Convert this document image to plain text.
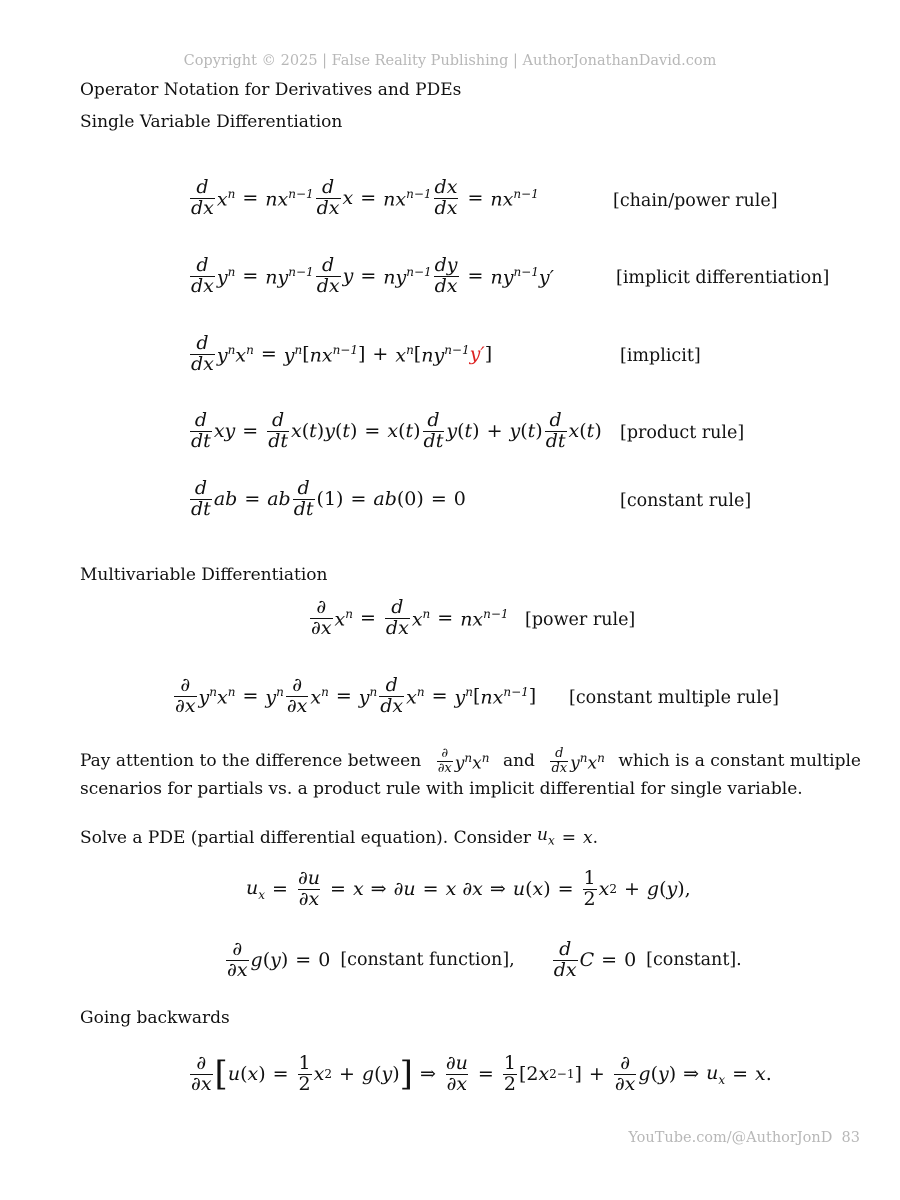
Copyright © 2025 | False Reality Publishing | AuthorJonathanDavid.com
Operator Notation for Derivatives and PDEs
Single Variable Differentiation
$\frac{d}{dx} x^n = nx^{n-1} \frac{d}{dx}$ $x = nx^{n-1} \frac{dx}{dx} = nx^{n-1}$	[chain/power rule]
$\frac{d}{dx} y^n = ny^{n-1} \frac{d}{dx}$ $y = ny^{n-1} \frac{dy}{dx} = ny^{n-1}y'$	[implicit differentiation]
$\frac{d}{dx} y^nx^n = y^n$ [ $nx^{n-1}$ ] + $x^n$ [ $ny^{n-1}$ y′ ]	[implicit]
$\frac{d}{dt}$ xy = $\frac{d}{dt}$ x ( t ) y ( t ) = x ( t ) $\frac{d}{dt}$ y ( t ) + y ( t ) $\frac{d}{dt}$ x ( t ) [product rule]
$\frac{d}{dt}$ ab = ab $\frac{d}{dt} (1)$ = ab (0) = 0	[constant rule]
Multivariable Differentiation
$\frac{\partial}{\partial x} x^n = \frac{d}{dx} x^n = nx^{n-1}$ [power rule]
$\frac{\partial}{\partial x} y^nx^n = y^n \frac{\partial}{\partial x} x^n = y^n \frac{d}{dx} x^n = y^n$ [ $nx^{n-1}$ ] [constant multiple rule]
Pay attention to the difference between $\frac{\partial}{\partial x} y^nx^n$ and $\frac{d}{dx} y^nx^n$ which is a constant multiple
scenarios for partials vs. a product rule with implicit differential for single variable.
Solve a PDE (partial differential equation). Consider $u_x = x$ .
$u_x = \frac{\partial u}{\partial x} = x$ ⇒ ∂ u = x ∂ x ⇒ u ( x ) = $\frac{1}{2}$ x 2 + g ( y ),
$\frac{\partial}{\partial x}$ g ( y ) = 0 [constant function], $\frac{d}{dx}$ C = 0 [constant].
Going backwards
$\frac{\partial}{\partial x}$ [ u ( x ) = $\frac{1}{2}$ x 2 + g ( y ) ] ⇒ $\frac{\partial u}{\partial x} = \frac{1}{2} [2$ x 2−1 ] + $\frac{\partial}{\partial x}$ g ( y ) ⇒ $u_x = x$ .
YouTube.com/@AuthorJonD 83
